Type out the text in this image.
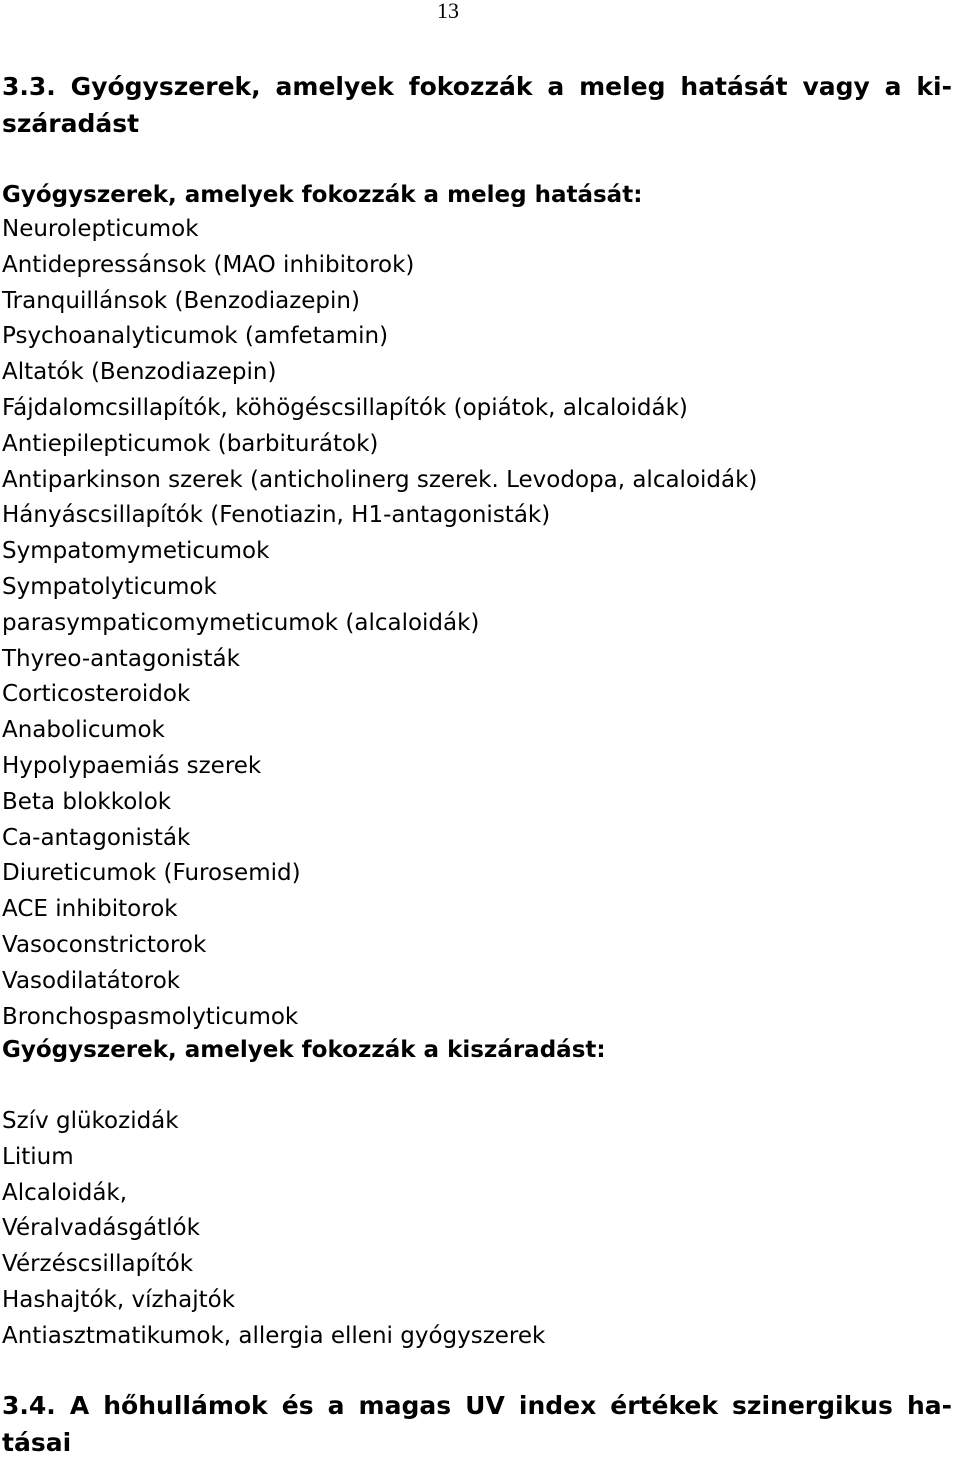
13
3.3. Gyógyszerek, amelyek fokozzák a meleg hatását vagy a ki-száradást
Gyógyszerek, amelyek fokozzák a meleg hatását:
Neurolepticumok
Antidepressánsok (MAO inhibitorok)
Tranquillánsok (Benzodiazepin)
Psychoanalyticumok (amfetamin)
Altatók (Benzodiazepin)
Fájdalomcsillapítók, köhögéscsillapítók (opiátok, alcaloidák)
Antiepilepticumok (barbiturátok)
Antiparkinson szerek (anticholinerg szerek. Levodopa, alcaloidák)
Hányáscsillapítók (Fenotiazin, H1-antagonisták)
Sympatomymeticumok
Sympatolyticumok
parasympaticomymeticumok (alcaloidák)
Thyreo-antagonisták
Corticosteroidok
Anabolicumok
Hypolypaemiás szerek
Beta blokkolok
Ca-antagonisták
Diureticumok (Furosemid)
ACE inhibitorok
Vasoconstrictorok
Vasodilatátorok
Bronchospasmolyticumok
Gyógyszerek, amelyek fokozzák a kiszáradást:
Szív glükozidák
Litium
Alcaloidák,
Véralvadásgátlók
Vérzéscsillapítók
Hashajtók, vízhajtók
Antiasztmatikumok, allergia elleni gyógyszerek
3.4. A hőhullámok és a magas UV index értékek szinergikus ha-tásai
